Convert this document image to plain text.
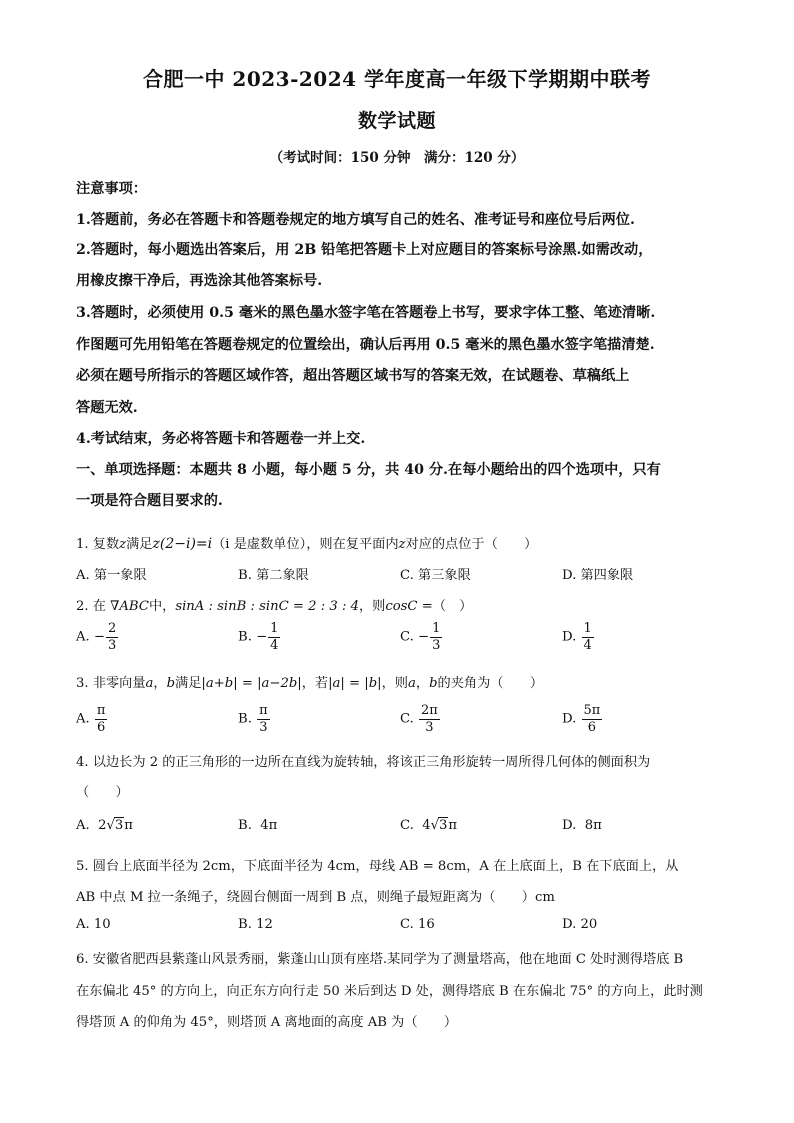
合肥一中 2023-2024 学年度高一年级下学期期中联考
数学试题
（考试时间：150 分钟　满分：120 分）
注意事项：
1.答题前，务必在答题卡和答题卷规定的地方填写自己的姓名、准考证号和座位号后两位.
2.答题时，每小题选出答案后，用 2B 铅笔把答题卡上对应题目的答案标号涂黑.如需改动，
用橡皮擦干净后，再选涂其他答案标号.
3.答题时，必须使用 0.5 毫米的黑色墨水签字笔在答题卷上书写，要求字体工整、笔迹清晰.
作图题可先用铅笔在答题卷规定的位置绘出，确认后再用 0.5 毫米的黑色墨水签字笔描清楚.
必须在题号所指示的答题区域作答，超出答题区域书写的答案无效，在试题卷、草稿纸上
答题无效.
4.考试结束，务必将答题卡和答题卷一并上交.
一、单项选择题：本题共 8 小题，每小题 5 分，共 40 分.在每小题给出的四个选项中，只有
一项是符合题目要求的.
1. 复数z满足z(2−i)=i（i 是虚数单位），则在复平面内z对应的点位于（　　）
A. 第一象限	B. 第二象限	C. 第三象限	D. 第四象限
2. 在 ∇ABC中，sinA : sinB : sinC = 2 : 3 : 4，则cosC =（　）
A. − $\frac{2}{3}$	B. − $\frac{1}{4}$	C. − $\frac{1}{3}$	D. $\frac{1}{4}$
3. 非零向量a，b满足|a+b| = |a−2b|，若|a| = |b|，则a，b的夹角为（　　）
A. $\frac{\pi}{6}$	B. $\frac{\pi}{3}$	C. $\frac{2\pi}{3}$	D. $\frac{5\pi}{6}$
4. 以边长为 2 的正三角形的一边所在直线为旋转轴，将该正三角形旋转一周所得几何体的侧面积为
（　　）
A. 2√3π	B. 4π	C. 4√3π	D. 8π
5. 圆台上底面半径为 2cm，下底面半径为 4cm，母线 AB = 8cm，A 在上底面上，B 在下底面上，从
AB 中点 M 拉一条绳子，绕圆台侧面一周到 B 点，则绳子最短距离为（　　）cm
A. 10	B. 12	C. 16	D. 20
6. 安徽省肥西县紫蓬山风景秀丽，紫蓬山山顶有座塔.某同学为了测量塔高，他在地面 C 处时测得塔底 B
在东偏北 45° 的方向上，向正东方向行走 50 米后到达 D 处，测得塔底 B 在东偏北 75° 的方向上，此时测
得塔顶 A 的仰角为 45°，则塔顶 A 离地面的高度 AB 为（　　）
